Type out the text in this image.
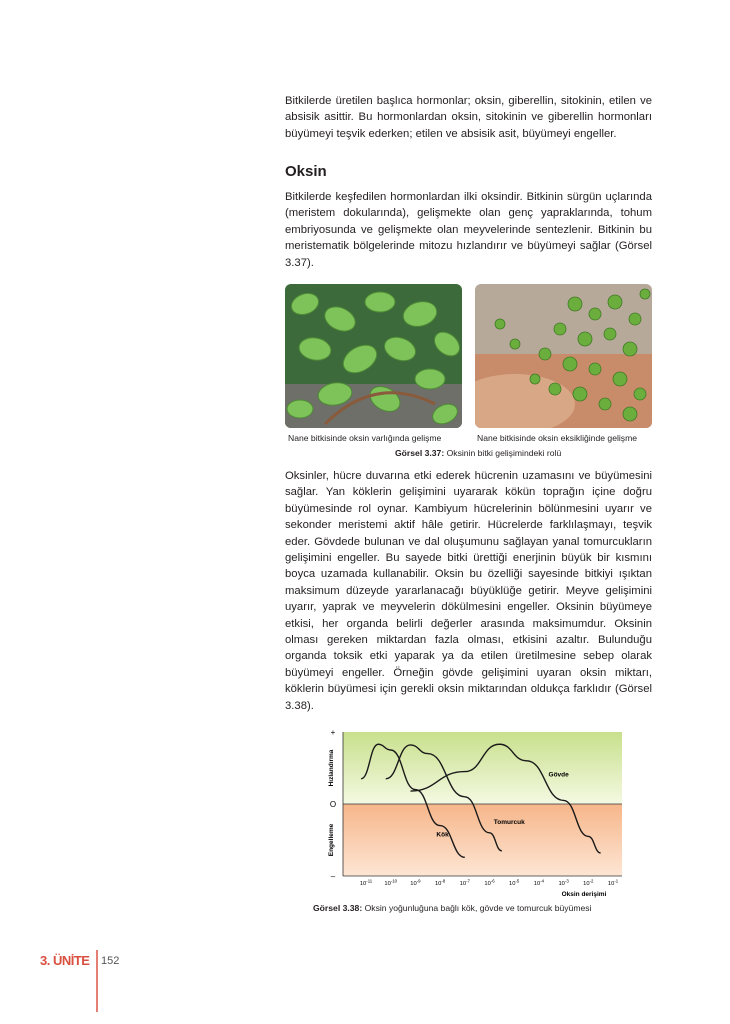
Bitkilerde üretilen başlıca hormonlar; oksin, giberellin, sitokinin, etilen ve absisik asittir. Bu hormonlardan oksin, sitokinin ve giberellin hormonları büyümeyi teşvik ederken; etilen ve absisik asit, büyümeyi engeller.

Oksin

Bitkilerde keşfedilen hormonlardan ilki oksindir. Bitkinin sürgün uçlarında (meristem dokularında), gelişmekte olan genç yapraklarında, tohum embriyosunda ve gelişmekte olan meyvelerinde sentezlenir. Bitkinin bu meristematik bölgelerinde mitozu hızlandırır ve büyümeyi sağlar (Görsel 3.37).

Nane bitkisinde oksin varlığında gelişme	Nane bitkisinde oksin eksikliğinde gelişme
Görsel 3.37: Oksinin bitki gelişimindeki rolü

Oksinler, hücre duvarına etki ederek hücrenin uzamasını ve büyümesini sağlar. Yan köklerin gelişimini uyararak kökün toprağın içine doğru büyümesinde rol oynar. Kambiyum hücrelerinin bölünmesini uyarır ve sekonder meristemi aktif hâle getirir. Hücrelerde farklılaşmayı, teşvik eder. Gövdede bulunan ve dal oluşumunu sağlayan yanal tomurcukların gelişimini engeller. Bu sayede bitki ürettiği enerjinin büyük bir kısmını boyca uzamada kullanabilir. Oksin bu özelliği sayesinde bitkiyi ışıktan maksimum düzeyde yararlanacağı büyüklüğe getirir. Meyve gelişimini uyarır, yaprak ve meyvelerin dökülmesini engeller. Oksinin büyümeye etkisi, her organda belirli değerler arasında maksimumdur. Oksinin olması gereken miktardan fazla olması, etkisini azaltır. Bulunduğu organda toksik etki yaparak ya da etilen üretilmesine sebep olarak büyümeyi engeller. Örneğin gövde gelişimini uyaran oksin miktarı, köklerin büyümesi için gerekli oksin miktarından oldukça farklıdır (Görsel 3.38).

+
O
–
Hızlandırma
Engelleme
$10^{-11}$ $10^{-10}$ $10^{-9}$ $10^{-8}$ $10^{-7}$ $10^{-6}$ $10^{-5}$ $10^{-4}$ $10^{-3}$ $10^{-2}$ $10^{-1}$
Kök
Tomurcuk
Gövde
Oksin derişimi
Görsel 3.38: Oksin yoğunluğuna bağlı kök, gövde ve tomurcuk büyümesi
3. ÜNİTE 152
